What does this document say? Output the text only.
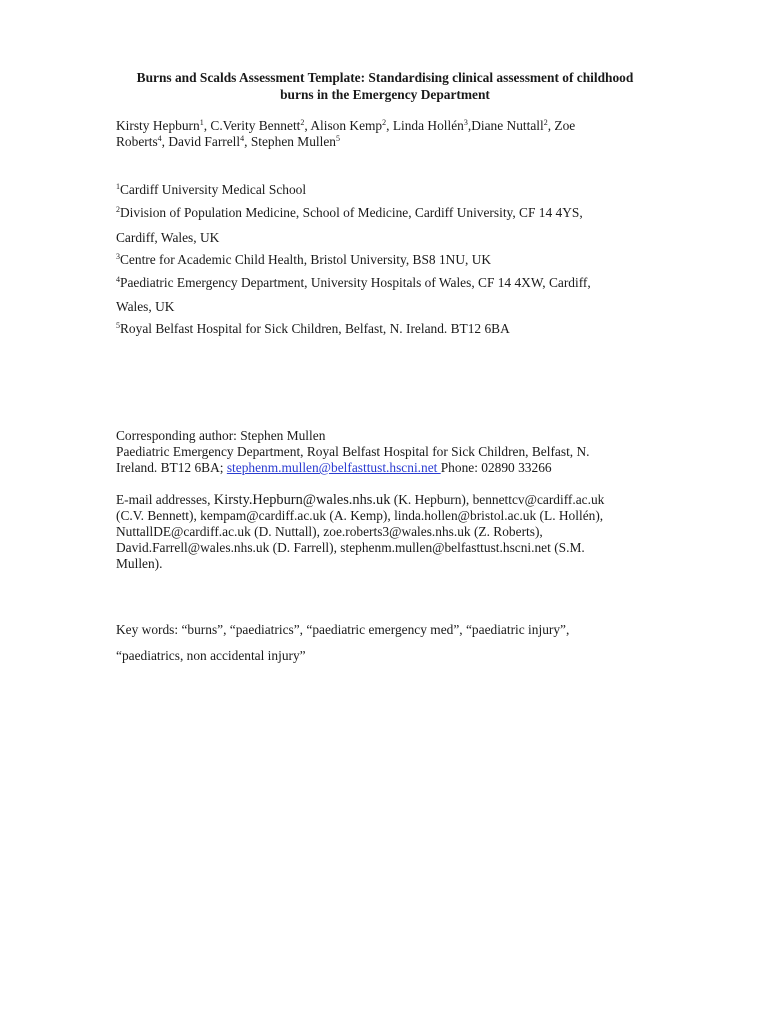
Burns and Scalds Assessment Template: Standardising clinical assessment of childhood
burns in the Emergency Department
Kirsty Hepburn$^1$, C.Verity Bennett$^2$, Alison Kemp$^2$, Linda Hollén$^3$,Diane Nuttall$^2$, Zoe
Roberts$^4$, David Farrell$^4$, Stephen Mullen$^5$
$^1$Cardiff University Medical School
$^2$Division of Population Medicine, School of Medicine, Cardiff University, CF 14 4YS,
Cardiff, Wales, UK
$^3$Centre for Academic Child Health, Bristol University, BS8 1NU, UK
$^4$Paediatric Emergency Department, University Hospitals of Wales, CF 14 4XW, Cardiff,
Wales, UK
$^5$Royal Belfast Hospital for Sick Children, Belfast, N. Ireland. BT12 6BA
Corresponding author: Stephen Mullen
Paediatric Emergency Department, Royal Belfast Hospital for Sick Children, Belfast, N.
Ireland. BT12 6BA; stephenm.mullen@belfasttust.hscni.net Phone: 02890 33266
E-mail addresses, Kirsty.Hepburn@wales.nhs.uk (K. Hepburn), bennettcv@cardiff.ac.uk
(C.V. Bennett), kempam@cardiff.ac.uk (A. Kemp), linda.hollen@bristol.ac.uk (L. Hollén),
NuttallDE@cardiff.ac.uk (D. Nuttall), zoe.roberts3@wales.nhs.uk (Z. Roberts),
David.Farrell@wales.nhs.uk (D. Farrell), stephenm.mullen@belfasttust.hscni.net (S.M.
Mullen).
Key words: “burns”, “paediatrics”, “paediatric emergency med”, “paediatric injury”,
“paediatrics, non accidental injury”
